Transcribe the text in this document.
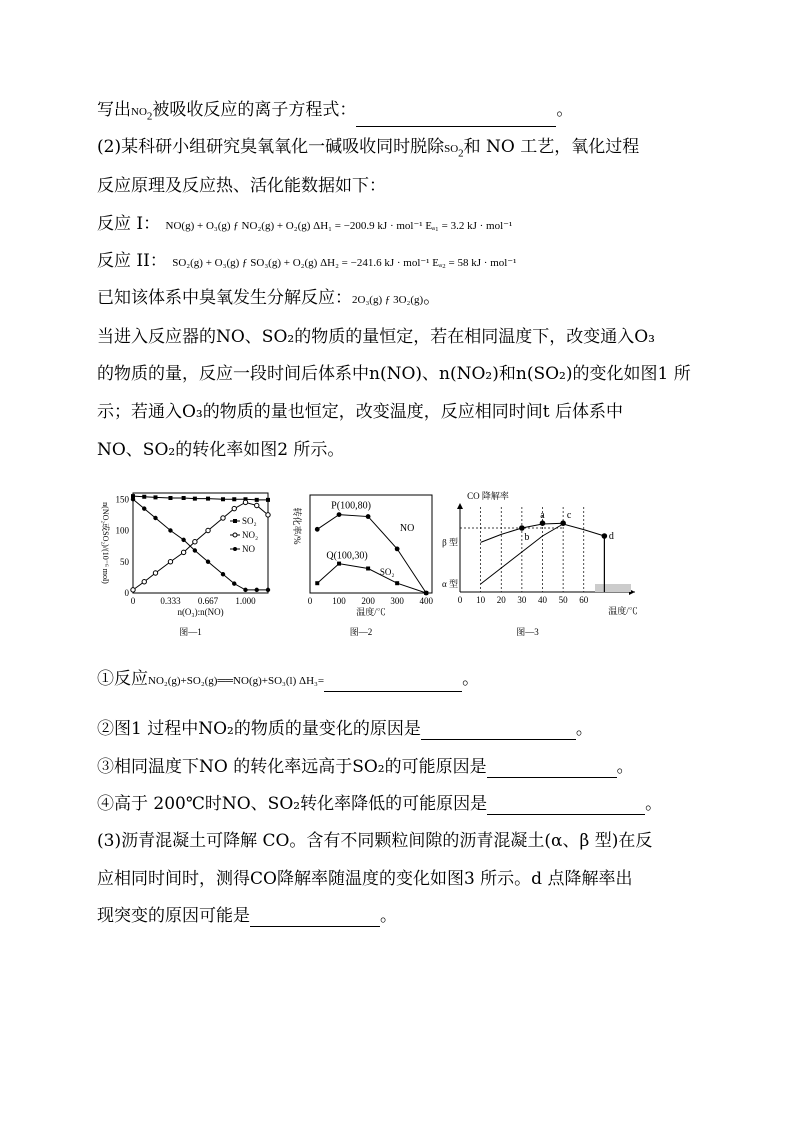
写出$NO_2$被吸收反应的离子方程式：	。
(2)某科研小组研究臭氧氧化一碱吸收同时脱除$SO_2$和 NO 工艺，氧化过程
反应原理及反应热、活化能数据如下：
反应 I： NO(g) + O₃(g) ƒ NO₂(g) + O₂(g) ΔH₁ = −200.9 kJ · mol⁻¹ Eₐ₁ = 3.2 kJ · mol⁻¹
反应 II： SO₂(g) + O₃(g) ƒ SO₃(g) + O₂(g) ΔH₂ = −241.6 kJ · mol⁻¹ Eₐ₂ = 58 kJ · mol⁻¹
已知该体系中臭氧发生分解反应：2O₃(g) ƒ 3O₂(g)。
当进入反应器的NO、SO₂的物质的量恒定，若在相同温度下，改变通入O₃
的物质的量，反应一段时间后体系中n(NO)、n(NO₂)和n(SO₂)的变化如图1 所
示；若通入O₃的物质的量也恒定，改变温度，反应相同时间t 后体系中
NO、SO₂的转化率如图2 所示。
0
50
100
150
0	0.333 0.667 1.000
n(O₃):n(NO)
n(NO₂或SO₂)/(10⁻⁶ mol)
图—1
SO₂
NO₂
NO
0 100 200 300 400
温度/℃
转化率/%
图—2
P(100,80)
Q(100,30)
NO
SO₂
0 10 20 30 40 50 60
温度/℃
CO 降解率
图—3
a
b
c
d
β 型
α 型
①反应NO₂(g)+SO₂(g)══NO(g)+SO₃(l) ΔH₃=	。
②图1 过程中NO₂的物质的量变化的原因是	。
③相同温度下NO 的转化率远高于SO₂的可能原因是	。
④高于 200℃时NO、SO₂转化率降低的可能原因是	。
(3)沥青混凝土可降解 CO。含有不同颗粒间隙的沥青混凝土(α、β 型)在反
应相同时间时，测得CO降解率随温度的变化如图3 所示。d 点降解率出
现突变的原因可能是	。
